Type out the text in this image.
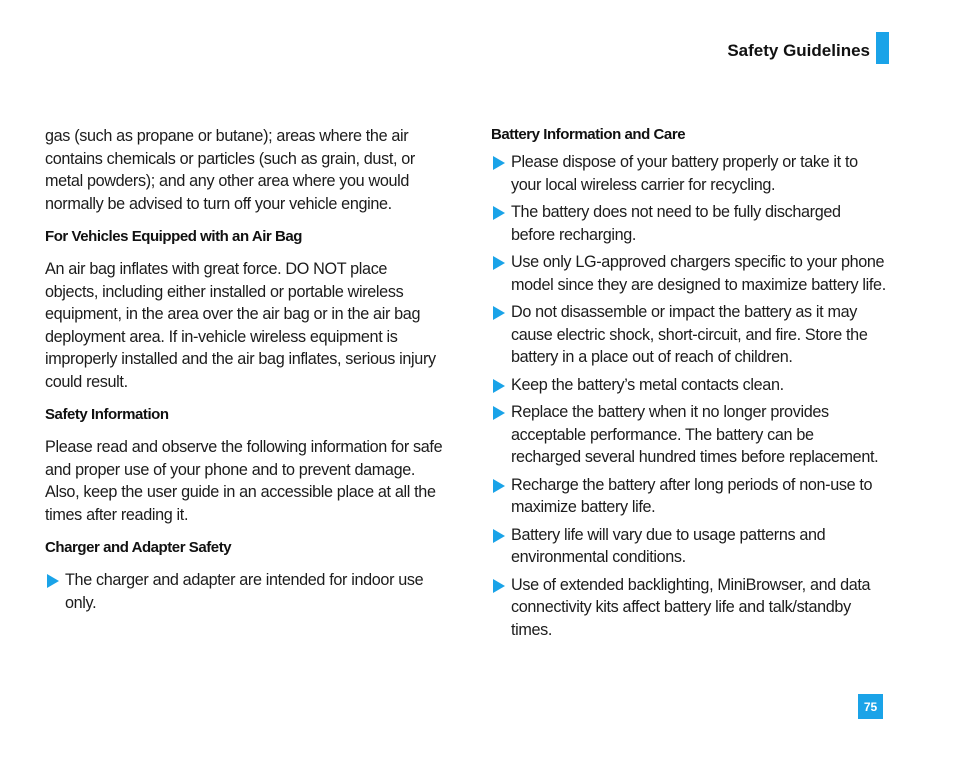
Safety Guidelines

gas (such as propane or butane); areas where the air contains chemicals or particles (such as grain, dust, or metal powders); and any other area where you would normally be advised to turn off your vehicle engine.

For Vehicles Equipped with an Air Bag

An air bag inflates with great force. DO NOT place objects, including either installed or portable wireless equipment, in the area over the air bag or in the air bag deployment area. If in-vehicle wireless equipment is improperly installed and the air bag inflates, serious injury could result.

Safety Information

Please read and observe the following information for safe and proper use of your phone and to prevent damage. Also, keep the user guide in an accessible place at all the times after reading it.

Charger and Adapter Safety
The charger and adapter are intended for indoor use only.
Battery Information and Care
Please dispose of your battery properly or take it to your local wireless carrier for recycling.
The battery does not need to be fully discharged before recharging.
Use only LG-approved chargers specific to your phone model since they are designed to maximize battery life.
Do not disassemble or impact the battery as it may cause electric shock, short-circuit, and fire. Store the battery in a place out of reach of children.
Keep the battery’s metal contacts clean.
Replace the battery when it no longer provides acceptable performance. The battery can be recharged several hundred times before replacement.
Recharge the battery after long periods of non-use to maximize battery life.
Battery life will vary due to usage patterns and environmental conditions.
Use of extended backlighting, MiniBrowser, and data connectivity kits affect battery life and talk/standby times.
75
